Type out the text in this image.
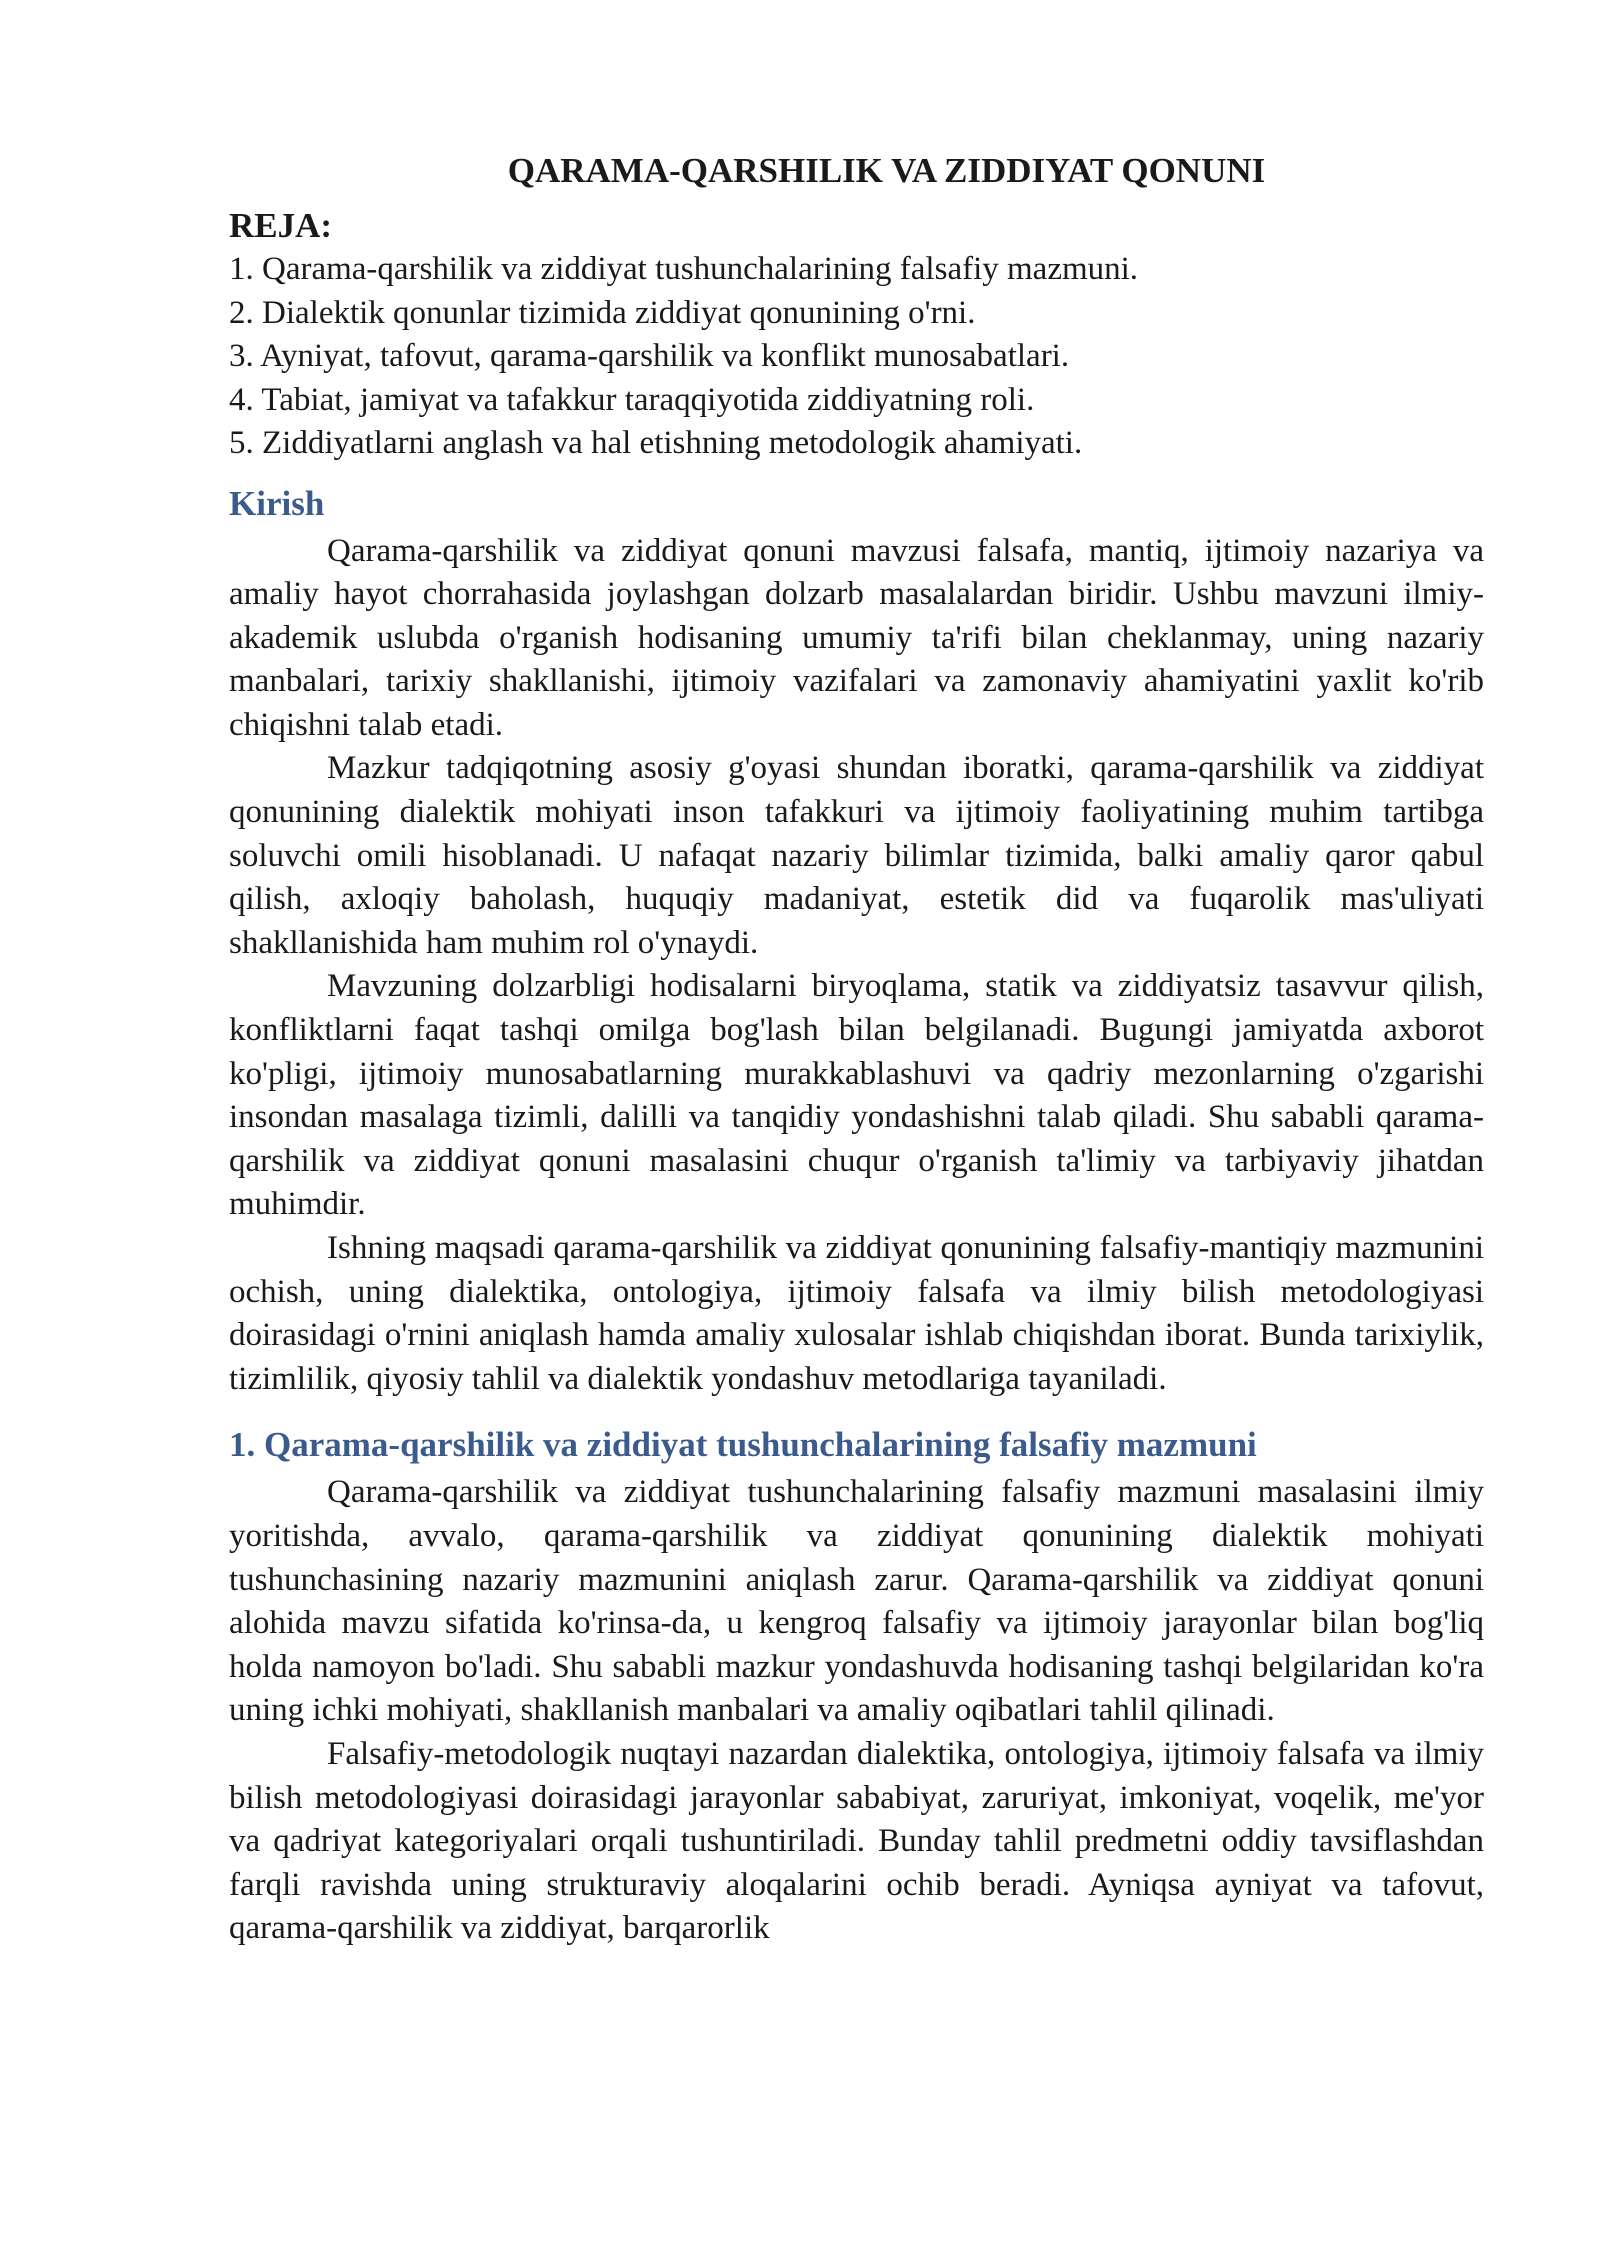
QARAMA-QARSHILIK VA ZIDDIYAT QONUNI
REJA:
1. Qarama-qarshilik va ziddiyat tushunchalarining falsafiy mazmuni.
2. Dialektik qonunlar tizimida ziddiyat qonunining o'rni.
3. Ayniyat, tafovut, qarama-qarshilik va konflikt munosabatlari.
4. Tabiat, jamiyat va tafakkur taraqqiyotida ziddiyatning roli.
5. Ziddiyatlarni anglash va hal etishning metodologik ahamiyati.
Kirish

Qarama-qarshilik va ziddiyat qonuni mavzusi falsafa, mantiq, ijtimoiy nazariya va amaliy hayot chorrahasida joylashgan dolzarb masalalardan biridir. Ushbu mavzuni ilmiy-akademik uslubda o'rganish hodisaning umumiy ta'rifi bilan cheklanmay, uning nazariy manbalari, tarixiy shakllanishi, ijtimoiy vazifalari va zamonaviy ahamiyatini yaxlit ko'rib chiqishni talab etadi.

Mazkur tadqiqotning asosiy g'oyasi shundan iboratki, qarama-qarshilik va ziddiyat qonunining dialektik mohiyati inson tafakkuri va ijtimoiy faoliyatining muhim tartibga soluvchi omili hisoblanadi. U nafaqat nazariy bilimlar tizimida, balki amaliy qaror qabul qilish, axloqiy baholash, huquqiy madaniyat, estetik did va fuqarolik mas'uliyati shakllanishida ham muhim rol o'ynaydi.

Mavzuning dolzarbligi hodisalarni biryoqlama, statik va ziddiyatsiz tasavvur qilish, konfliktlarni faqat tashqi omilga bog'lash bilan belgilanadi. Bugungi jamiyatda axborot ko'pligi, ijtimoiy munosabatlarning murakkablashuvi va qadriy mezonlarning o'zgarishi insondan masalaga tizimli, dalilli va tanqidiy yondashishni talab qiladi. Shu sababli qarama-qarshilik va ziddiyat qonuni masalasini chuqur o'rganish ta'limiy va tarbiyaviy jihatdan muhimdir.

Ishning maqsadi qarama-qarshilik va ziddiyat qonunining falsafiy-mantiqiy mazmunini ochish, uning dialektika, ontologiya, ijtimoiy falsafa va ilmiy bilish metodologiyasi doirasidagi o'rnini aniqlash hamda amaliy xulosalar ishlab chiqishdan iborat. Bunda tarixiylik, tizimlilik, qiyosiy tahlil va dialektik yondashuv metodlariga tayaniladi.

1. Qarama-qarshilik va ziddiyat tushunchalarining falsafiy mazmuni

Qarama-qarshilik va ziddiyat tushunchalarining falsafiy mazmuni masalasini ilmiy yoritishda, avvalo, qarama-qarshilik va ziddiyat qonunining dialektik mohiyati tushunchasining nazariy mazmunini aniqlash zarur. Qarama-qarshilik va ziddiyat qonuni alohida mavzu sifatida ko'rinsa-da, u kengroq falsafiy va ijtimoiy jarayonlar bilan bog'liq holda namoyon bo'ladi. Shu sababli mazkur yondashuvda hodisaning tashqi belgilaridan ko'ra uning ichki mohiyati, shakllanish manbalari va amaliy oqibatlari tahlil qilinadi.

Falsafiy-metodologik nuqtayi nazardan dialektika, ontologiya, ijtimoiy falsafa va ilmiy bilish metodologiyasi doirasidagi jarayonlar sababiyat, zaruriyat, imkoniyat, voqelik, me'yor va qadriyat kategoriyalari orqali tushuntiriladi. Bunday tahlil predmetni oddiy tavsiflashdan farqli ravishda uning strukturaviy aloqalarini ochib beradi. Ayniqsa ayniyat va tafovut, qarama-qarshilik va ziddiyat, barqarorlik
